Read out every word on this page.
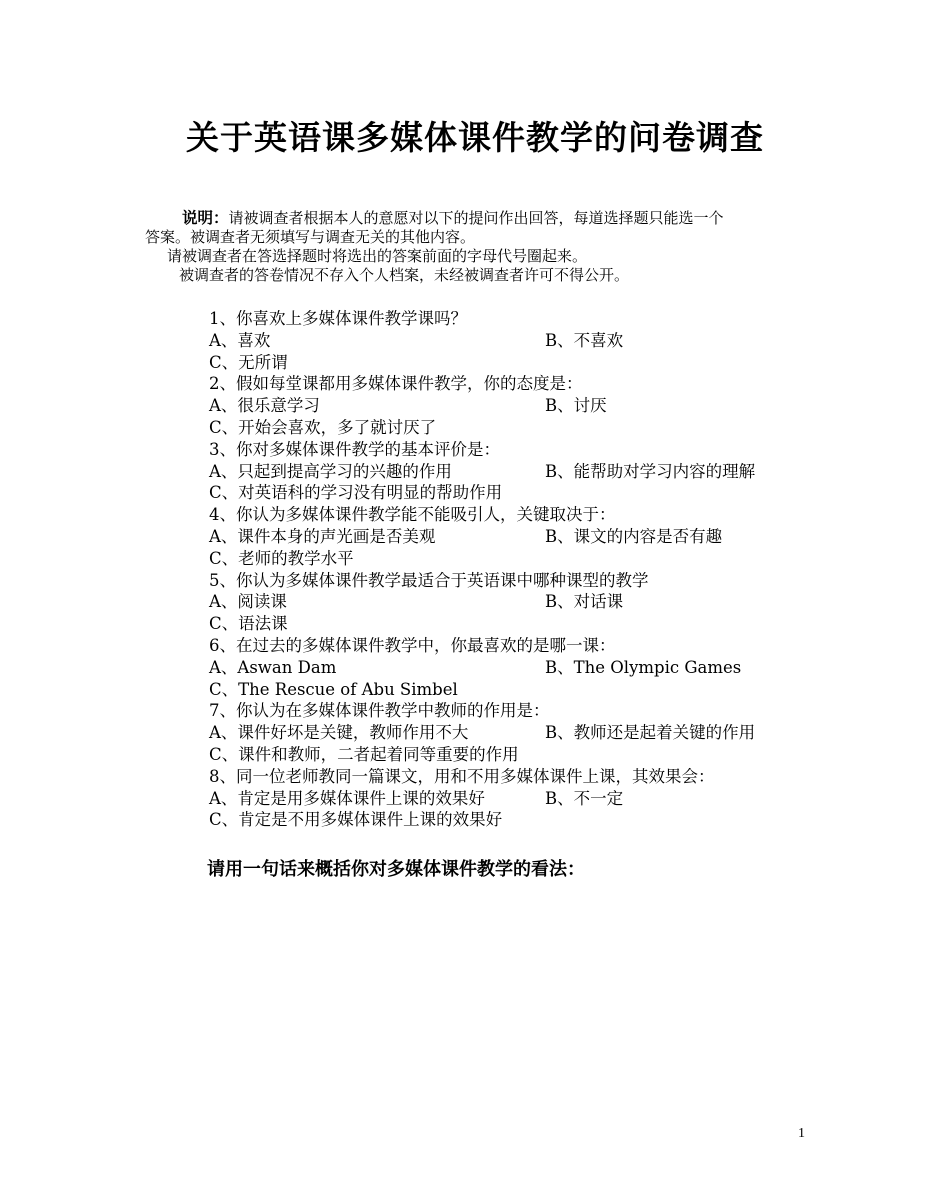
关于英语课多媒体课件教学的问卷调查

说明：请被调查者根据本人的意愿对以下的提问作出回答，每道选择题只能选一个

答案。被调查者无须填写与调查无关的其他内容。

请被调查者在答选择题时将选出的答案前面的字母代号圈起来。

被调查者的答卷情况不存入个人档案，未经被调查者许可不得公开。

1、你喜欢上多媒体课件教学课吗？
A、喜欢	B、不喜欢
C、无所谓
2、假如每堂课都用多媒体课件教学，你的态度是：
A、很乐意学习	B、讨厌
C、开始会喜欢，多了就讨厌了
3、你对多媒体课件教学的基本评价是：
A、只起到提高学习的兴趣的作用	B、能帮助对学习内容的理解
C、对英语科的学习没有明显的帮助作用
4、你认为多媒体课件教学能不能吸引人，关键取决于：
A、课件本身的声光画是否美观	B、课文的内容是否有趣
C、老师的教学水平
5、你认为多媒体课件教学最适合于英语课中哪种课型的教学
A、阅读课	B、对话课
C、语法课
6、在过去的多媒体课件教学中，你最喜欢的是哪一课：
A、Aswan Dam	B、The Olympic Games
C、The Rescue of Abu Simbel
7、你认为在多媒体课件教学中教师的作用是：
A、课件好坏是关键，教师作用不大	B、教师还是起着关键的作用
C、课件和教师，二者起着同等重要的作用
8、同一位老师教同一篇课文，用和不用多媒体课件上课，其效果会：
A、肯定是用多媒体课件上课的效果好	B、不一定
C、肯定是不用多媒体课件上课的效果好

请用一句话来概括你对多媒体课件教学的看法：

1
